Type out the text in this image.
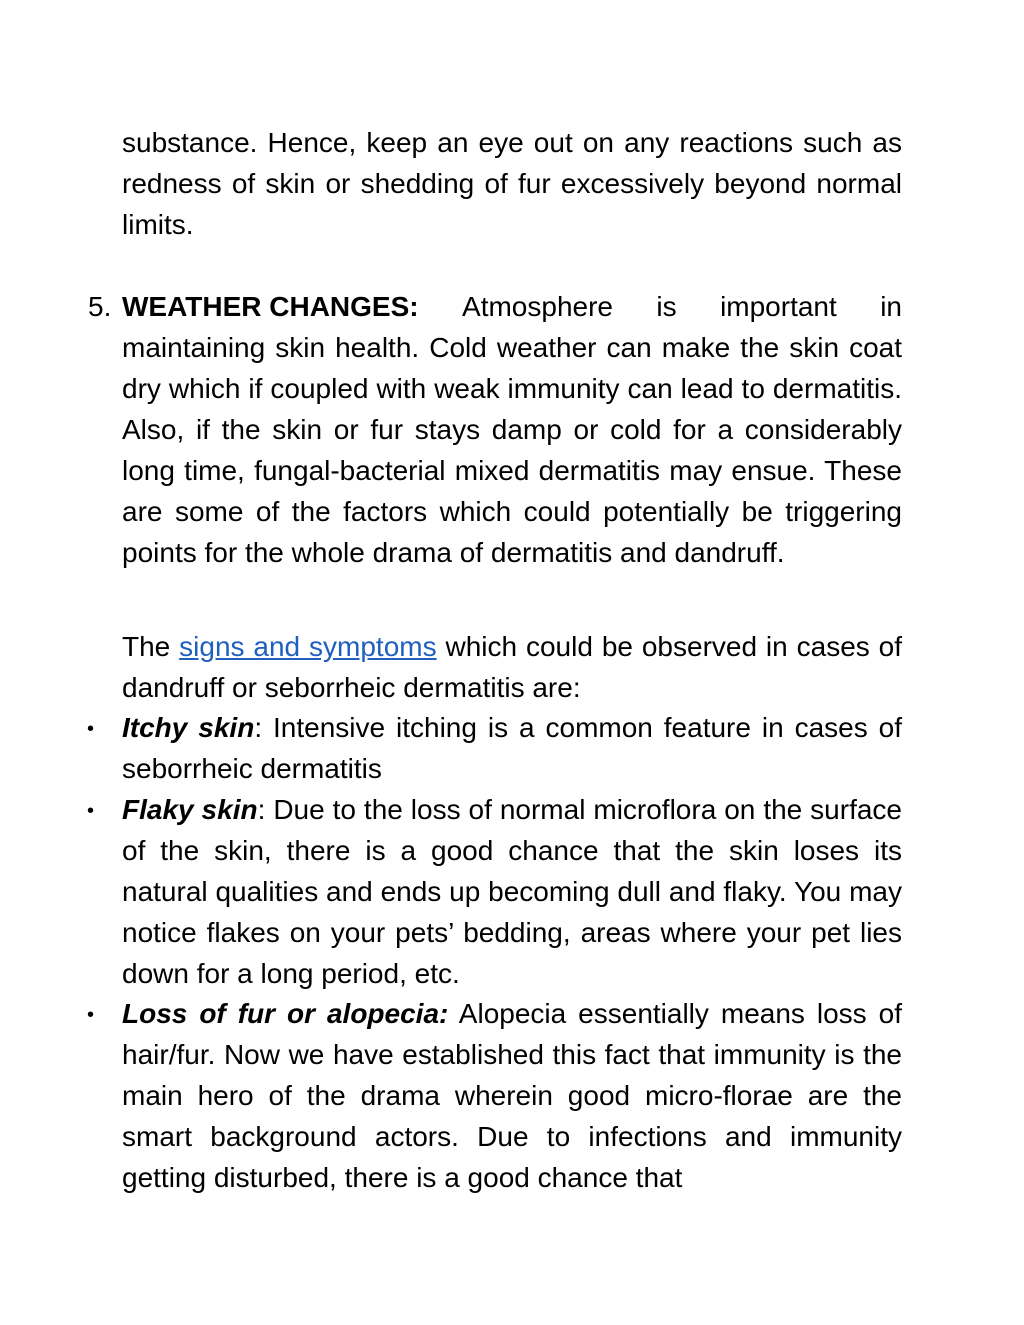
substance. Hence, keep an eye out on any reactions such as redness of skin or shedding of fur excessively beyond normal limits.

5. WEATHER CHANGES: Atmosphere is important in
maintaining skin health. Cold weather can make the skin coat dry which if coupled with weak immunity can lead to dermatitis. Also, if the skin or fur stays damp or cold for a considerably long time, fungal-bacterial mixed dermatitis may ensue. These are some of the factors which could potentially be triggering points for the whole drama of dermatitis and dandruff.

The signs and symptoms which could be observed in cases of dandruff or seborrheic dermatitis are:

• Itchy skin: Intensive itching is a common feature in cases of seborrheic dermatitis

• Flaky skin: Due to the loss of normal microflora on the surface of the skin, there is a good chance that the skin loses its natural qualities and ends up becoming dull and flaky. You may notice flakes on your pets’ bedding, areas where your pet lies down for a long period, etc.

• Loss of fur or alopecia: Alopecia essentially means loss of hair/fur. Now we have established this fact that immunity is the main hero of the drama wherein good micro-florae are the smart background actors. Due to infections and immunity getting disturbed, there is a good chance that
